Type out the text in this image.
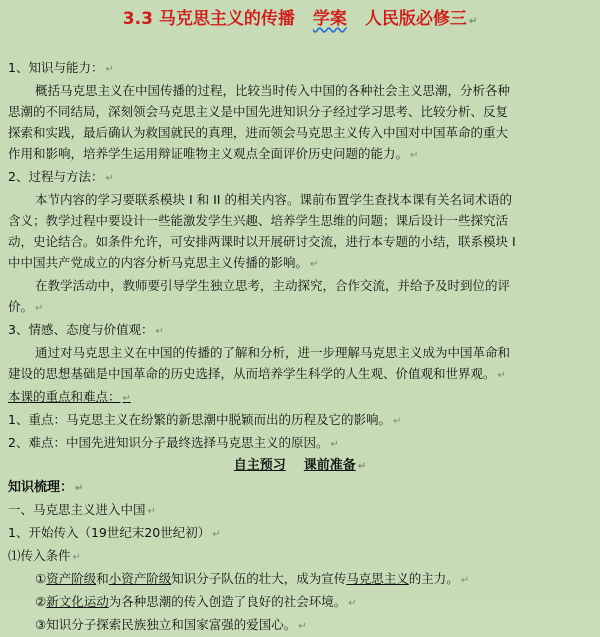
3.3 马克思主义的传播 学案 人民版必修三 ↵
1、知识与能力： ↵
概括马克思主义在中国传播的过程，比较当时传入中国的各种社会主义思潮，分析各种
思潮的不同结局，深刻领会马克思主义是中国先进知识分子经过学习思考、比较分析、反复
探索和实践，最后确认为救国就民的真理，进而领会马克思主义传入中国对中国革命的重大
作用和影响，培养学生运用辩证唯物主义观点全面评价历史问题的能力。 ↵
2、过程与方法： ↵
本节内容的学习要联系模块 I 和 II 的相关内容。课前布置学生查找本课有关名词术语的
含义；教学过程中要设计一些能激发学生兴趣、培养学生思维的问题；课后设计一些探究活
动，史论结合。如条件允许，可安排两课时以开展研讨交流，进行本专题的小结，联系模块 I
中中国共产党成立的内容分析马克思主义传播的影响。 ↵
在教学活动中，教师要引导学生独立思考，主动探究，合作交流，并给予及时到位的评
价。 ↵
3、情感、态度与价值观： ↵
通过对马克思主义在中国的传播的了解和分析，进一步理解马克思主义成为中国革命和
建设的思想基础是中国革命的历史选择，从而培养学生科学的人生观、价值观和世界观。 ↵
本课的重点和难点： ↵
1、重点：马克思主义在纷繁的新思潮中脱颖而出的历程及它的影响。 ↵
2、难点：中国先进知识分子最终选择马克思主义的原因。 ↵
自主预习 课前准备 ↵
知识梳理： ↵
一、马克思主义进入中国 ↵
1、开始传入（19世纪末20世纪初） ↵
⑴传入条件 ↵
①资产阶级和小资产阶级知识分子队伍的壮大，成为宣传马克思主义的主力。 ↵
②新文化运动为各种思潮的传入创造了良好的社会环境。 ↵
③知识分子探索民族独立和国家富强的爱国心。 ↵
